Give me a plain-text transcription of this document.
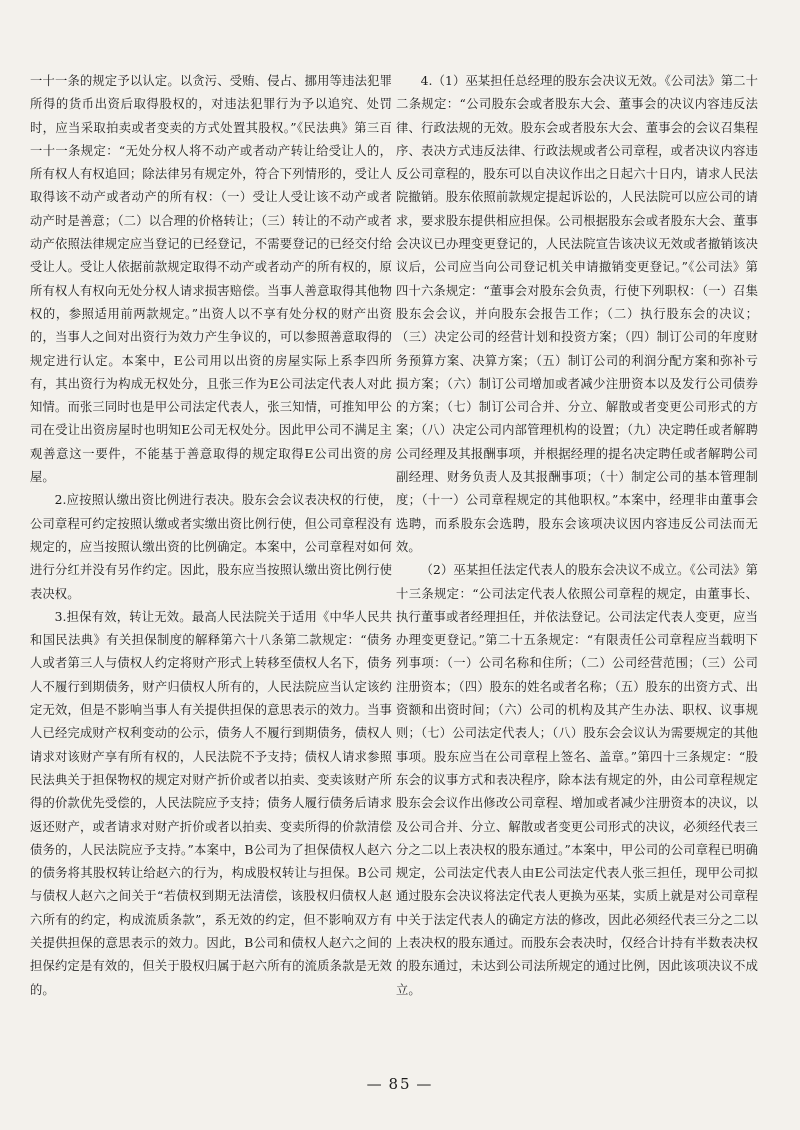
一十一条的规定予以认定。以贪污、受贿、侵占、挪用等违法犯罪所得的货币出资后取得股权的，对违法犯罪行为予以追究、处罚时，应当采取拍卖或者变卖的方式处置其股权。”《民法典》第三百一十一条规定：“无处分权人将不动产或者动产转让给受让人的，所有权人有权追回；除法律另有规定外，符合下列情形的，受让人取得该不动产或者动产的所有权：（一）受让人受让该不动产或者动产时是善意；（二）以合理的价格转让；（三）转让的不动产或者动产依照法律规定应当登记的已经登记，不需要登记的已经交付给受让人。受让人依据前款规定取得不动产或者动产的所有权的，原所有权人有权向无处分权人请求损害赔偿。当事人善意取得其他物权的，参照适用前两款规定。”出资人以不享有处分权的财产出资的，当事人之间对出资行为效力产生争议的，可以参照善意取得的规定进行认定。本案中，E公司用以出资的房屋实际上系李四所有，其出资行为构成无权处分，且张三作为E公司法定代表人对此知情。而张三同时也是甲公司法定代表人，张三知情，可推知甲公司在受让出资房屋时也明知E公司无权处分。因此甲公司不满足主观善意这一要件，不能基于善意取得的规定取得E公司出资的房屋。

2.应按照认缴出资比例进行表决。股东会会议表决权的行使，公司章程可约定按照认缴或者实缴出资比例行使，但公司章程没有规定的，应当按照认缴出资的比例确定。本案中，公司章程对如何进行分红并没有另作约定。因此，股东应当按照认缴出资比例行使表决权。

3.担保有效，转让无效。最高人民法院关于适用《中华人民共和国民法典》有关担保制度的解释第六十八条第二款规定：“债务人或者第三人与债权人约定将财产形式上转移至债权人名下，债务人不履行到期债务，财产归债权人所有的，人民法院应当认定该约定无效，但是不影响当事人有关提供担保的意思表示的效力。当事人已经完成财产权利变动的公示，债务人不履行到期债务，债权人请求对该财产享有所有权的，人民法院不予支持；债权人请求参照民法典关于担保物权的规定对财产折价或者以拍卖、变卖该财产所得的价款优先受偿的，人民法院应予支持；债务人履行债务后请求返还财产，或者请求对财产折价或者以拍卖、变卖所得的价款清偿债务的，人民法院应予支持。”本案中，B公司为了担保债权人赵六的债务将其股权转让给赵六的行为，构成股权转让与担保。B公司与债权人赵六之间关于“若债权到期无法清偿，该股权归债权人赵六所有的约定，构成流质条款”，系无效的约定，但不影响双方有关提供担保的意思表示的效力。因此，B公司和债权人赵六之间的担保约定是有效的，但关于股权归属于赵六所有的流质条款是无效的。

4.（1）巫某担任总经理的股东会决议无效。《公司法》第二十二条规定：“公司股东会或者股东大会、董事会的决议内容违反法律、行政法规的无效。股东会或者股东大会、董事会的会议召集程序、表决方式违反法律、行政法规或者公司章程，或者决议内容违反公司章程的，股东可以自决议作出之日起六十日内，请求人民法院撤销。股东依照前款规定提起诉讼的，人民法院可以应公司的请求，要求股东提供相应担保。公司根据股东会或者股东大会、董事会决议已办理变更登记的，人民法院宣告该决议无效或者撤销该决议后，公司应当向公司登记机关申请撤销变更登记。”《公司法》第四十六条规定：“董事会对股东会负责，行使下列职权：（一）召集股东会会议，并向股东会报告工作；（二）执行股东会的决议；（三）决定公司的经营计划和投资方案；（四）制订公司的年度财务预算方案、决算方案；（五）制订公司的利润分配方案和弥补亏损方案；（六）制订公司增加或者减少注册资本以及发行公司债券的方案；（七）制订公司合并、分立、解散或者变更公司形式的方案；（八）决定公司内部管理机构的设置；（九）决定聘任或者解聘公司经理及其报酬事项，并根据经理的提名决定聘任或者解聘公司副经理、财务负责人及其报酬事项；（十）制定公司的基本管理制度；（十一）公司章程规定的其他职权。”本案中，经理非由董事会选聘，而系股东会选聘，股东会该项决议因内容违反公司法而无效。

（2）巫某担任法定代表人的股东会决议不成立。《公司法》第十三条规定：“公司法定代表人依照公司章程的规定，由董事长、执行董事或者经理担任，并依法登记。公司法定代表人变更，应当办理变更登记。”第二十五条规定：“有限责任公司章程应当载明下列事项：（一）公司名称和住所；（二）公司经营范围；（三）公司注册资本；（四）股东的姓名或者名称；（五）股东的出资方式、出资额和出资时间；（六）公司的机构及其产生办法、职权、议事规则；（七）公司法定代表人；（八）股东会会议认为需要规定的其他事项。股东应当在公司章程上签名、盖章。”第四十三条规定：“股东会的议事方式和表决程序，除本法有规定的外，由公司章程规定股东会会议作出修改公司章程、增加或者减少注册资本的决议，以及公司合并、分立、解散或者变更公司形式的决议，必须经代表三分之二以上表决权的股东通过。”本案中，甲公司的公司章程已明确规定，公司法定代表人由E公司法定代表人张三担任，现甲公司拟通过股东会决议将法定代表人更换为巫某，实质上就是对公司章程中关于法定代表人的确定方法的修改，因此必须经代表三分之二以上表决权的股东通过。而股东会表决时，仅经合计持有半数表决权的股东通过，未达到公司法所规定的通过比例，因此该项决议不成立。

— 85 —
